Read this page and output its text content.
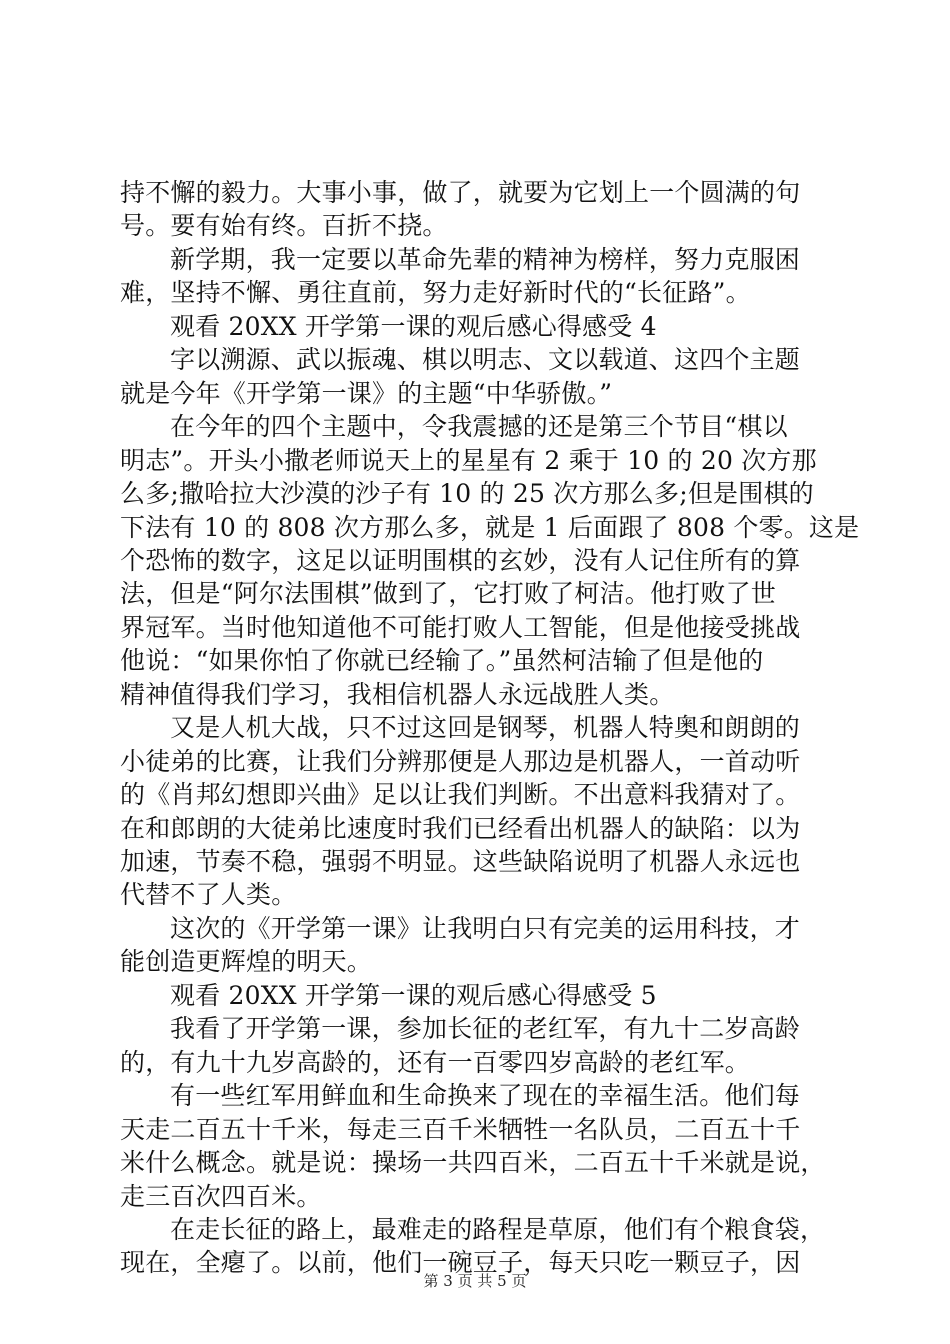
持不懈的毅力。大事小事，做了，就要为它划上一个圆满的句
号。要有始有终。百折不挠。
新学期，我一定要以革命先辈的精神为榜样，努力克服困
难，坚持不懈、勇往直前，努力走好新时代的“长征路”。
观看 20XX 开学第一课的观后感心得感受 4
字以溯源、武以振魂、棋以明志、文以载道、这四个主题
就是今年《开学第一课》的主题“中华骄傲。”
在今年的四个主题中，令我震撼的还是第三个节目“棋以
明志”。开头小撒老师说天上的星星有 2 乘于 10 的 20 次方那
么多;撒哈拉大沙漠的沙子有 10 的 25 次方那么多;但是围棋的
下法有 10 的 808 次方那么多，就是 1 后面跟了 808 个零。这是
个恐怖的数字，这足以证明围棋的玄妙，没有人记住所有的算
法，但是“阿尔法围棋”做到了，它打败了柯洁。他打败了世
界冠军。当时他知道他不可能打败人工智能，但是他接受挑战
他说：“如果你怕了你就已经输了。”虽然柯洁输了但是他的
精神值得我们学习，我相信机器人永远战胜人类。
又是人机大战，只不过这回是钢琴，机器人特奥和朗朗的
小徒弟的比赛，让我们分辨那便是人那边是机器人，一首动听
的《肖邦幻想即兴曲》足以让我们判断。不出意料我猜对了。
在和郎朗的大徒弟比速度时我们已经看出机器人的缺陷：以为
加速，节奏不稳，强弱不明显。这些缺陷说明了机器人永远也
代替不了人类。
这次的《开学第一课》让我明白只有完美的运用科技，才
能创造更辉煌的明天。
观看 20XX 开学第一课的观后感心得感受 5
我看了开学第一课，参加长征的老红军，有九十二岁高龄
的，有九十九岁高龄的，还有一百零四岁高龄的老红军。
有一些红军用鲜血和生命换来了现在的幸福生活。他们每
天走二百五十千米，每走三百千米牺牲一名队员，二百五十千
米什么概念。就是说：操场一共四百米，二百五十千米就是说，
走三百次四百米。
在走长征的路上，最难走的路程是草原，他们有个粮食袋，
现在，全瘪了。以前，他们一碗豆子，每天只吃一颗豆子，因
第 3 页 共 5 页
